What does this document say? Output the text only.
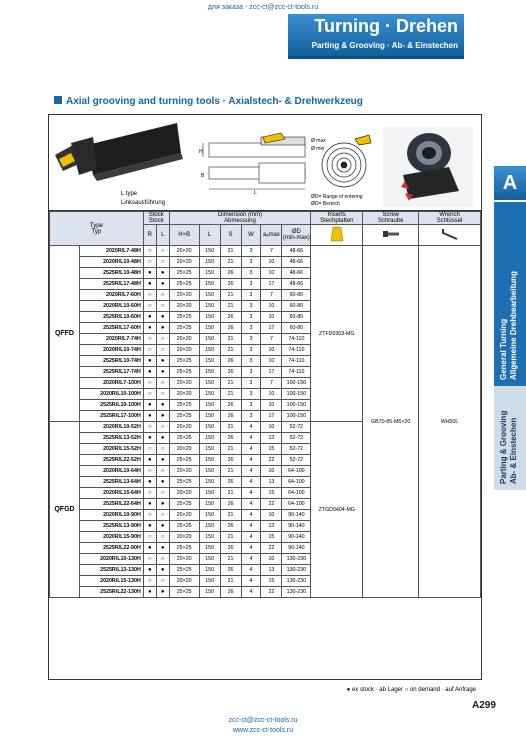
для заказа - zcc-ct@zcc-ct-tools.ru
Turning · Drehen
Parting & Grooving · Ab- & Einstechen
Axial grooving and turning tools · Axialstech- & Drehwerkzeug
A
General Turning Allgemeine Drehbearbeitung
Parting & Grooving Ab- & Einstechen
L type
Linksausführung
H
B
L
Ø max
Ø min
ØD= Range of entering
ØD= Bereich
Type
Typ		Stock
Stock		Dimension (mm)
Abmessung						Inserts
Stechplatten	Screw
Schraube	Wrench
Schlüssel

		R	L	H×B	L	S	W	aₐmax	ØD
(min-max)			
QFFD	2020R/L7-48H	○	○	20×20	150	21	3	7	48-66	ZTFD0303-MG	GB70-85-M6×20	WH50L
	2020R/L10-48H	○	○	20×20	150	21	3	10	48-66			
	2525R/L10-48H	●	●	25×25	150	26	3	10	48-66			
	2525R/L17-48H	●	●	25×25	150	26	3	17	48-66			
	2020R/L7-60H	○	○	20×20	150	21	3	7	60-80			
	2020R/L10-60H	○	○	20×20	150	21	3	10	60-80			
	2525R/L10-60H	●	●	25×25	150	26	3	10	60-80			
	2525R/L17-60H	●	●	25×25	150	26	3	17	60-80			
	2020R/L7-74H	○	○	20×20	150	21	3	7	74-110			
	2020R/L10-74H	○	○	20×20	150	21	3	10	74-110			
	2525R/L10-74H	●	●	25×25	150	26	3	10	74-110			
	2525R/L17-74H	●	●	25×25	150	26	3	17	74-110			
	2020R/L7-100H	○	○	20×20	150	21	3	7	100-150			
	2020R/L10-100H	○	○	20×20	150	21	3	10	100-150			
	2525R/L10-100H	●	●	25×25	150	26	3	10	100-150			
	2525R/L17-100H	●	●	25×25	150	26	3	17	100-150			
QFGD	2020R/L10-52H	○	○	20×20	150	21	4	10	52-72	ZTGD0404-MG		
	2525R/L13-52H	●	●	25×25	150	26	4	13	52-72			
	2020R/L15-52H	○	○	20×20	150	21	4	15	52-72			
	2525R/L22-52H	●	●	25×25	150	26	4	22	52-72			
	2020R/L10-64H	○	○	20×20	150	21	4	10	64-100			
	2525R/L13-64H	●	●	25×25	150	26	4	13	64-100			
	2020R/L15-64H	○	○	20×20	150	21	4	15	64-100			
	2525R/L22-64H	●	●	25×25	150	26	4	22	64-100			
	2020R/L10-90H	○	○	20×20	150	21	4	10	90-140			
	2525R/L13-90H	●	●	25×25	150	26	4	13	90-140			
	2020R/L15-90H	○	○	20×20	150	21	4	15	90-140			
	2525R/L22-90H	●	●	25×25	150	26	4	22	90-140			
	2020R/L10-130H	○	○	20×20	150	21	4	10	130-230			
	2525R/L13-130H	●	●	25×25	150	26	4	13	130-230			
	2020R/L15-130H	○	○	20×20	150	21	4	15	130-230			
	2525R/L22-130H	●	●	25×25	150	26	4	22	130-230			
● ex stock · ab Lager ○ on demand · auf Anfrage
A299
zcc-ct@zcc-ct-tools.ru
www.zcc-ct-tools.ru
